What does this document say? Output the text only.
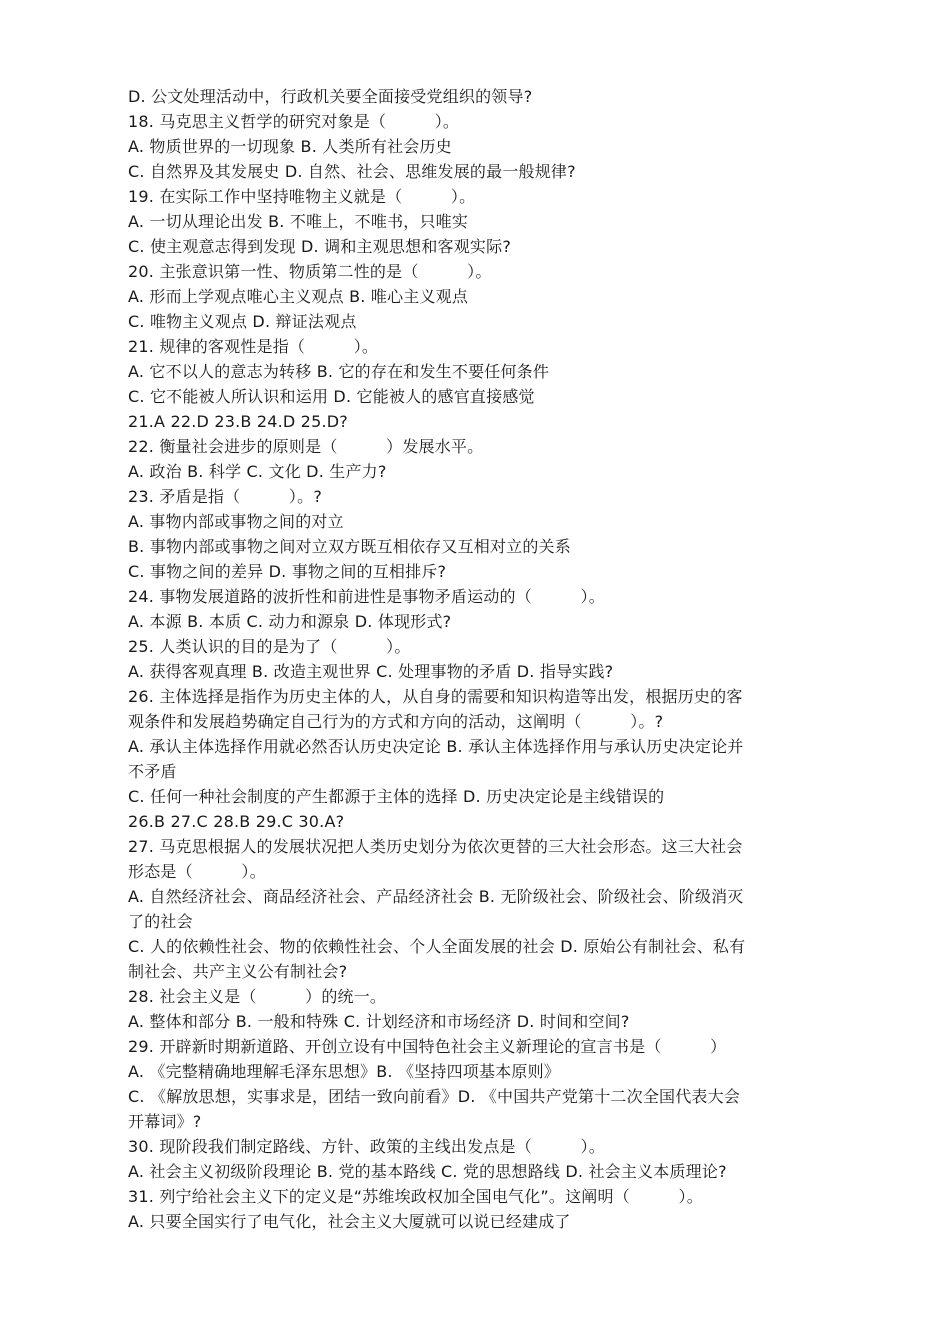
D. 公文处理活动中，行政机关要全面接受党组织的领导?
18. 马克思主义哲学的研究对象是（　　　）。
A. 物质世界的一切现象 B. 人类所有社会历史
C. 自然界及其发展史 D. 自然、社会、思维发展的最一般规律?
19. 在实际工作中坚持唯物主义就是（　　　）。
A. 一切从理论出发 B. 不唯上，不唯书，只唯实
C. 使主观意志得到发现 D. 调和主观思想和客观实际?
20. 主张意识第一性、物质第二性的是（　　　）。
A. 形而上学观点唯心主义观点 B. 唯心主义观点
C. 唯物主义观点 D. 辩证法观点
21. 规律的客观性是指（　　　）。
A. 它不以人的意志为转移 B. 它的存在和发生不要任何条件
C. 它不能被人所认识和运用 D. 它能被人的感官直接感觉
21.A 22.D 23.B 24.D 25.D?
22. 衡量社会进步的原则是（　　　）发展水平。
A. 政治 B. 科学 C. 文化 D. 生产力?
23. 矛盾是指（　　　）。?
A. 事物内部或事物之间的对立
B. 事物内部或事物之间对立双方既互相依存又互相对立的关系
C. 事物之间的差异 D. 事物之间的互相排斥?
24. 事物发展道路的波折性和前进性是事物矛盾运动的（　　　）。
A. 本源 B. 本质 C. 动力和源泉 D. 体现形式?
25. 人类认识的目的是为了（　　　）。
A. 获得客观真理 B. 改造主观世界 C. 处理事物的矛盾 D. 指导实践?
26. 主体选择是指作为历史主体的人，从自身的需要和知识构造等出发，根据历史的客
观条件和发展趋势确定自己行为的方式和方向的活动，这阐明（　　　）。?
A. 承认主体选择作用就必然否认历史决定论 B. 承认主体选择作用与承认历史决定论并
不矛盾
C. 任何一种社会制度的产生都源于主体的选择 D. 历史决定论是主线错误的
26.B 27.C 28.B 29.C 30.A?
27. 马克思根据人的发展状况把人类历史划分为依次更替的三大社会形态。这三大社会
形态是（　　　）。
A. 自然经济社会、商品经济社会、产品经济社会 B. 无阶级社会、阶级社会、阶级消灭
了的社会
C. 人的依赖性社会、物的依赖性社会、个人全面发展的社会 D. 原始公有制社会、私有
制社会、共产主义公有制社会?
28. 社会主义是（　　　）的统一。
A. 整体和部分 B. 一般和特殊 C. 计划经济和市场经济 D. 时间和空间?
29. 开辟新时期新道路、开创立设有中国特色社会主义新理论的宣言书是（　　　）
A. 《完整精确地理解毛泽东思想》B. 《坚持四项基本原则》
C. 《解放思想，实事求是，团结一致向前看》D. 《中国共产党第十二次全国代表大会
开幕词》?
30. 现阶段我们制定路线、方针、政策的主线出发点是（　　　）。
A. 社会主义初级阶段理论 B. 党的基本路线 C. 党的思想路线 D. 社会主义本质理论?
31. 列宁给社会主义下的定义是“苏维埃政权加全国电气化”。这阐明（　　　）。
A. 只要全国实行了电气化，社会主义大厦就可以说已经建成了
